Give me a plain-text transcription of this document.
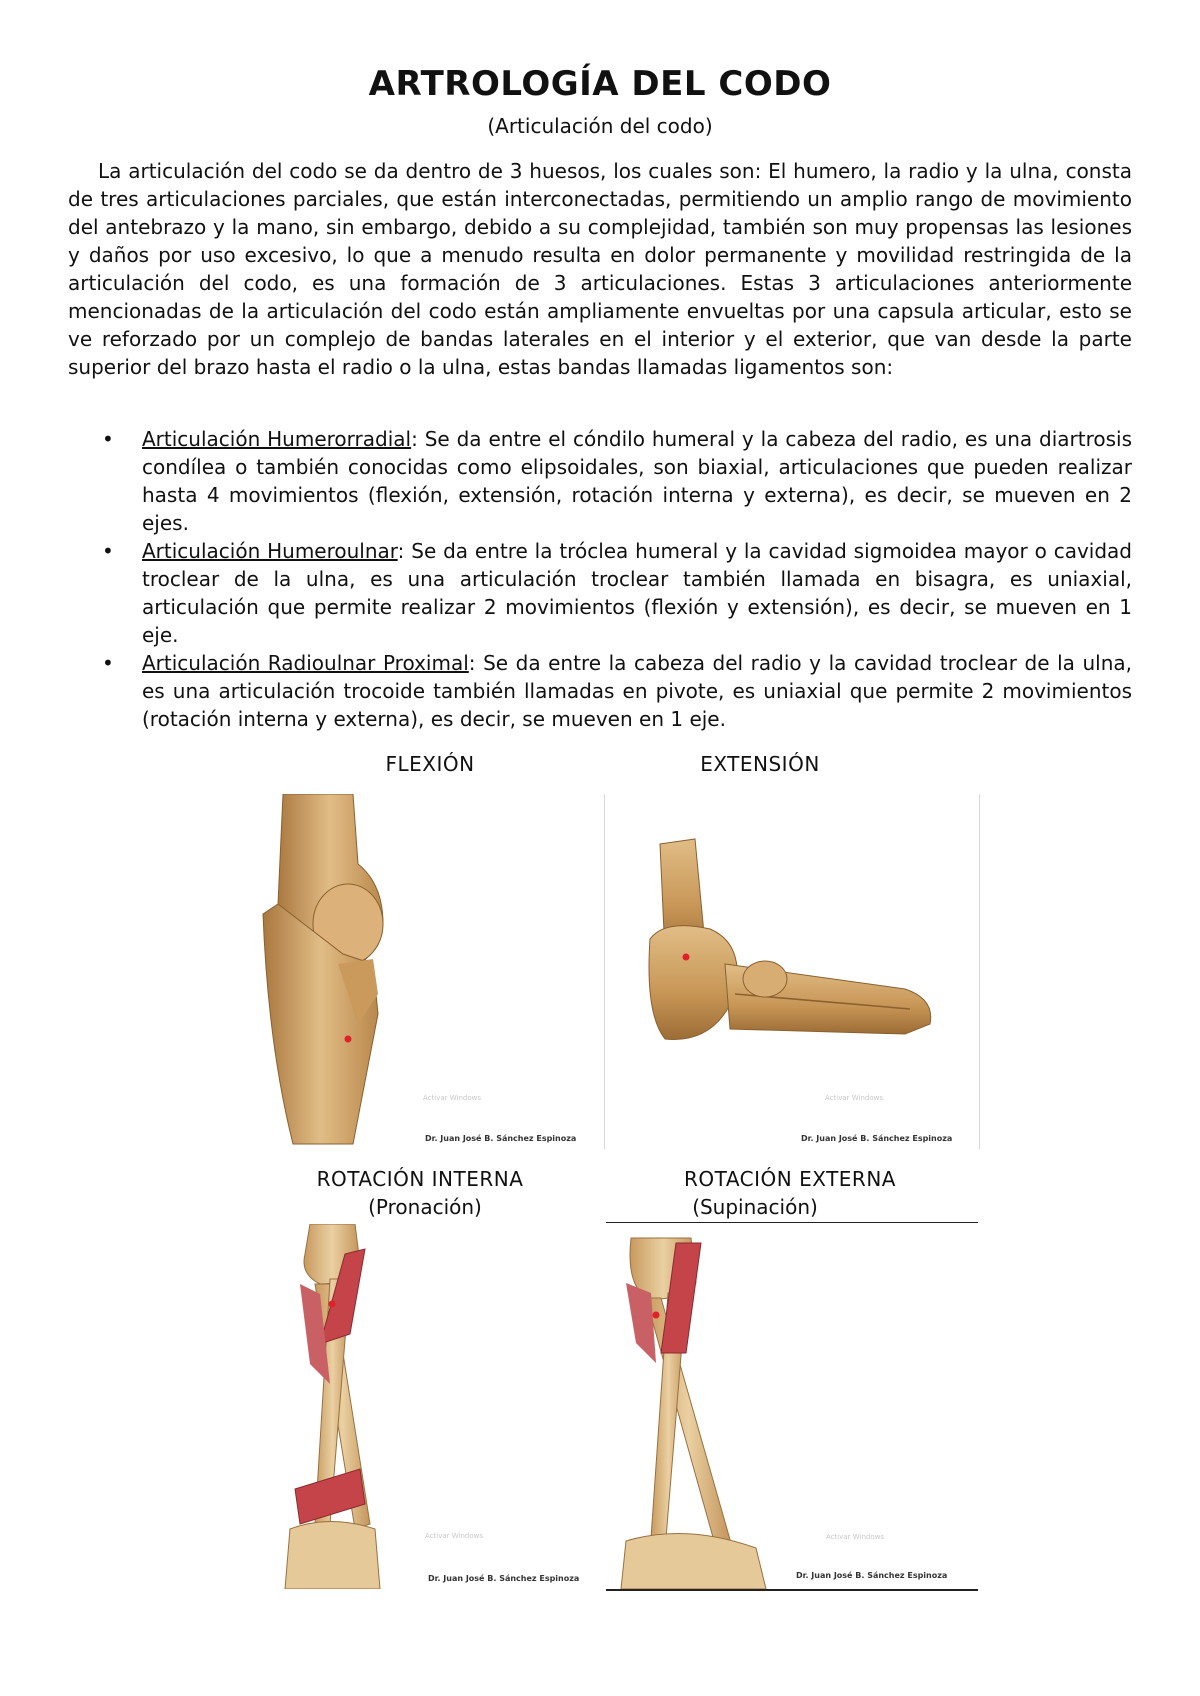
ARTROLOGÍA DEL CODO
(Articulación del codo)

La articulación del codo se da dentro de 3 huesos, los cuales son: El humero, la radio y la ulna, consta de tres articulaciones parciales, que están interconectadas, permitiendo un amplio rango de movimiento del antebrazo y la mano, sin embargo, debido a su complejidad, también son muy propensas las lesiones y daños por uso excesivo, lo que a menudo resulta en dolor permanente y movilidad restringida de la articulación del codo, es una formación de 3 articulaciones. Estas 3 articulaciones anteriormente mencionadas de la articulación del codo están ampliamente envueltas por una capsula articular, esto se ve reforzado por un complejo de bandas laterales en el interior y el exterior, que van desde la parte superior del brazo hasta el radio o la ulna, estas bandas llamadas ligamentos son:

• Articulación Humerorradial: Se da entre el cóndilo humeral y la cabeza del radio, es una diartrosis condílea o también conocidas como elipsoidales, son biaxial, articulaciones que pueden realizar hasta 4 movimientos (flexión, extensión, rotación interna y externa), es decir, se mueven en 2 ejes.
• Articulación Humeroulnar: Se da entre la tróclea humeral y la cavidad sigmoidea mayor o cavidad troclear de la ulna, es una articulación troclear también llamada en bisagra, es uniaxial, articulación que permite realizar 2 movimientos (flexión y extensión), es decir, se mueven en 1 eje.
• Articulación Radioulnar Proximal: Se da entre la cabeza del radio y la cavidad troclear de la ulna, es una articulación trocoide también llamadas en pivote, es uniaxial que permite 2 movimientos (rotación interna y externa), es decir, se mueven en 1 eje.
FLEXIÓN	EXTENSIÓN
Activar Windows
Dr. Juan José B. Sánchez Espinoza
Activar Windows
Dr. Juan José B. Sánchez Espinoza
ROTACIÓN INTERNA
(Pronación)
ROTACIÓN EXTERNA
(Supinación)
Activar Windows
Dr. Juan José B. Sánchez Espinoza
Activar Windows
Dr. Juan José B. Sánchez Espinoza
